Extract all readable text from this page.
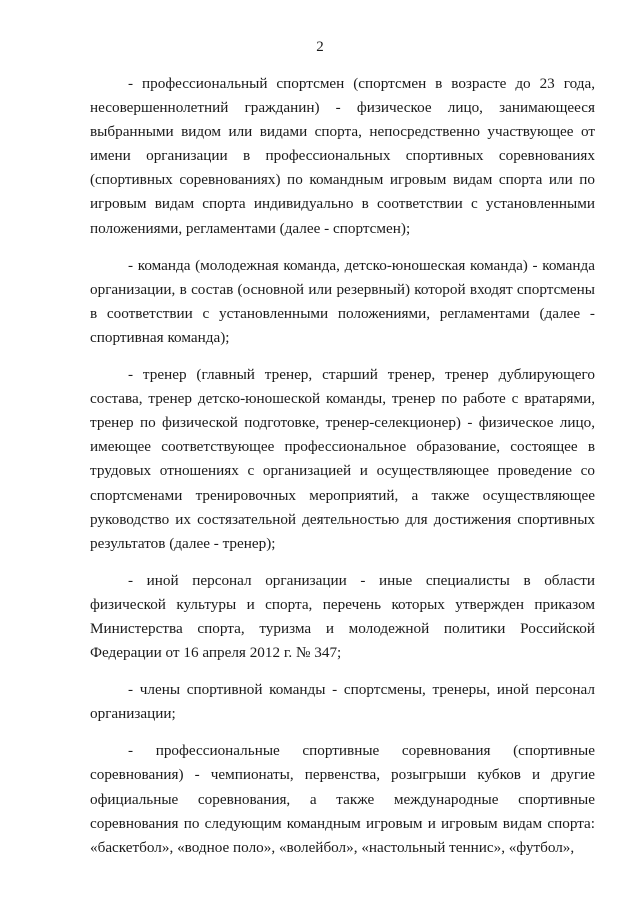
2

- профессиональный спортсмен (спортсмен в возрасте до 23 года, несовершеннолетний гражданин) - физическое лицо, занимающееся выбранными видом или видами спорта, непосредственно участвующее от имени организации в профессиональных спортивных соревнованиях (спортивных соревнованиях) по командным игровым видам спорта или по игровым видам спорта индивидуально в соответствии с установленными положениями, регламентами (далее - спортсмен);

- команда (молодежная команда, детско-юношеская команда) - команда организации, в состав (основной или резервный) которой входят спортсмены в соответствии с установленными положениями, регламентами (далее - спортивная команда);

- тренер (главный тренер, старший тренер, тренер дублирующего состава, тренер детско-юношеской команды, тренер по работе с вратарями, тренер по физической подготовке, тренер-селекционер) - физическое лицо, имеющее соответствующее профессиональное образование, состоящее в трудовых отношениях с организацией и осуществляющее проведение со спортсменами тренировочных мероприятий, а также осуществляющее руководство их состязательной деятельностью для достижения спортивных результатов (далее - тренер);

- иной персонал организации - иные специалисты в области физической культуры и спорта, перечень которых утвержден приказом Министерства спорта, туризма и молодежной политики Российской Федерации от 16 апреля 2012 г. № 347;

- члены спортивной команды - спортсмены, тренеры, иной персонал организации;

- профессиональные спортивные соревнования (спортивные соревнования) - чемпионаты, первенства, розыгрыши кубков и другие официальные соревнования, а также международные спортивные соревнования по следующим командным игровым и игровым видам спорта: «баскетбол», «водное поло», «волейбол», «настольный теннис», «футбол»,
